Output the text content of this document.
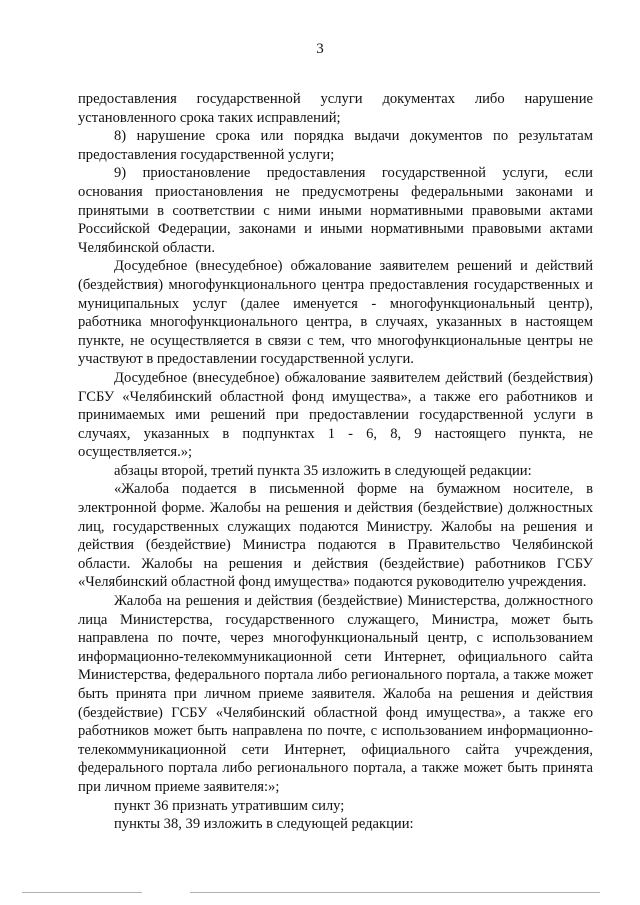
3

предоставления государственной услуги документах либо нарушение установленного срока таких исправлений;

8) нарушение срока или порядка выдачи документов по результатам предоставления государственной услуги;

9) приостановление предоставления государственной услуги, если основания приостановления не предусмотрены федеральными законами и принятыми в соответствии с ними иными нормативными правовыми актами Российской Федерации, законами и иными нормативными правовыми актами Челябинской области.

Досудебное (внесудебное) обжалование заявителем решений и действий (бездействия) многофункционального центра предоставления государственных и муниципальных услуг (далее именуется - многофункциональный центр), работника многофункционального центра, в случаях, указанных в настоящем пункте, не осуществляется в связи с тем, что многофункциональные центры не участвуют в предоставлении государственной услуги.

Досудебное (внесудебное) обжалование заявителем действий (бездействия) ГСБУ «Челябинский областной фонд имущества», а также его работников и принимаемых ими решений при предоставлении государственной услуги в случаях, указанных в подпунктах 1 - 6, 8, 9 настоящего пункта, не осуществляется.»;

абзацы второй, третий пункта 35 изложить в следующей редакции:

«Жалоба подается в письменной форме на бумажном носителе, в электронной форме. Жалобы на решения и действия (бездействие) должностных лиц, государственных служащих подаются Министру. Жалобы на решения и действия (бездействие) Министра подаются в Правительство Челябинской области. Жалобы на решения и действия (бездействие) работников ГСБУ «Челябинский областной фонд имущества» подаются руководителю учреждения.

Жалоба на решения и действия (бездействие) Министерства, должностного лица Министерства, государственного служащего, Министра, может быть направлена по почте, через многофункциональный центр, с использованием информационно-телекоммуникационной сети Интернет, официального сайта Министерства, федерального портала либо регионального портала, а также может быть принята при личном приеме заявителя. Жалоба на решения и действия (бездействие) ГСБУ «Челябинский областной фонд имущества», а также его работников может быть направлена по почте, с использованием информационно-телекоммуникационной сети Интернет, официального сайта учреждения, федерального портала либо регионального портала, а также может быть принята при личном приеме заявителя:»;

пункт 36 признать утратившим силу;

пункты 38, 39 изложить в следующей редакции:
